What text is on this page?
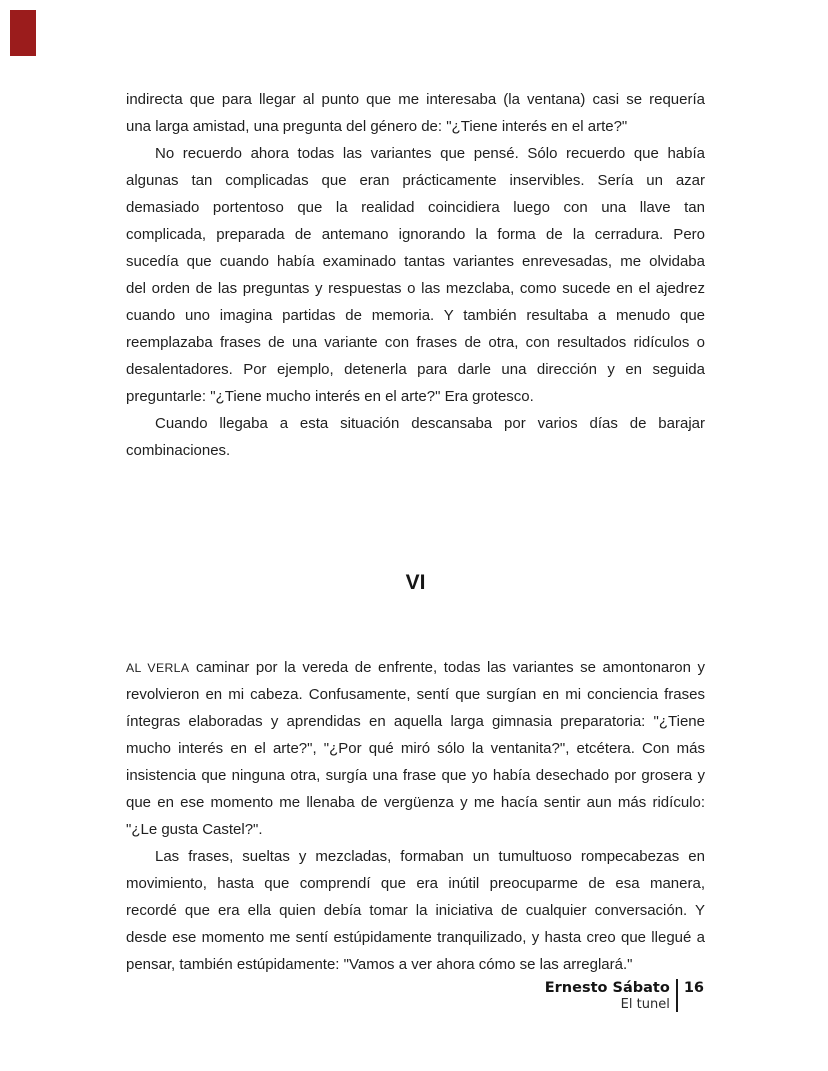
indirecta que para llegar al punto que me interesaba (la ventana) casi se requería
una larga amistad, una pregunta del género de: "¿Tiene interés en el arte?"
No recuerdo ahora todas las variantes que pensé. Sólo recuerdo que había
algunas tan complicadas que eran prácticamente inservibles. Sería un azar
demasiado portentoso que la realidad coincidiera luego con una llave tan
complicada, preparada de antemano ignorando la forma de la cerradura. Pero
sucedía que cuando había examinado tantas variantes enrevesadas, me olvidaba
del orden de las preguntas y respuestas o las mezclaba, como sucede en el ajedrez
cuando uno imagina partidas de memoria. Y también resultaba a menudo que
reemplazaba frases de una variante con frases de otra, con resultados ridículos o
desalentadores. Por ejemplo, detenerla para darle una dirección y en seguida
preguntarle: "¿Tiene mucho interés en el arte?" Era grotesco.
Cuando llegaba a esta situación descansaba por varios días de barajar
combinaciones.
VI
AL VERLA caminar por la vereda de enfrente, todas las variantes se amontonaron y
revolvieron en mi cabeza. Confusamente, sentí que surgían en mi conciencia frases
íntegras elaboradas y aprendidas en aquella larga gimnasia preparatoria: "¿Tiene
mucho interés en el arte?", "¿Por qué miró sólo la ventanita?", etcétera. Con más
insistencia que ninguna otra, surgía una frase que yo había desechado por grosera y
que en ese momento me llenaba de vergüenza y me hacía sentir aun más ridículo:
"¿Le gusta Castel?".
Las frases, sueltas y mezcladas, formaban un tumultuoso rompecabezas en
movimiento, hasta que comprendí que era inútil preocuparme de esa manera,
recordé que era ella quien debía tomar la iniciativa de cualquier conversación. Y
desde ese momento me sentí estúpidamente tranquilizado, y hasta creo que llegué a
pensar, también estúpidamente: "Vamos a ver ahora cómo se las arreglará."
Ernesto Sábato
El tunel
16
